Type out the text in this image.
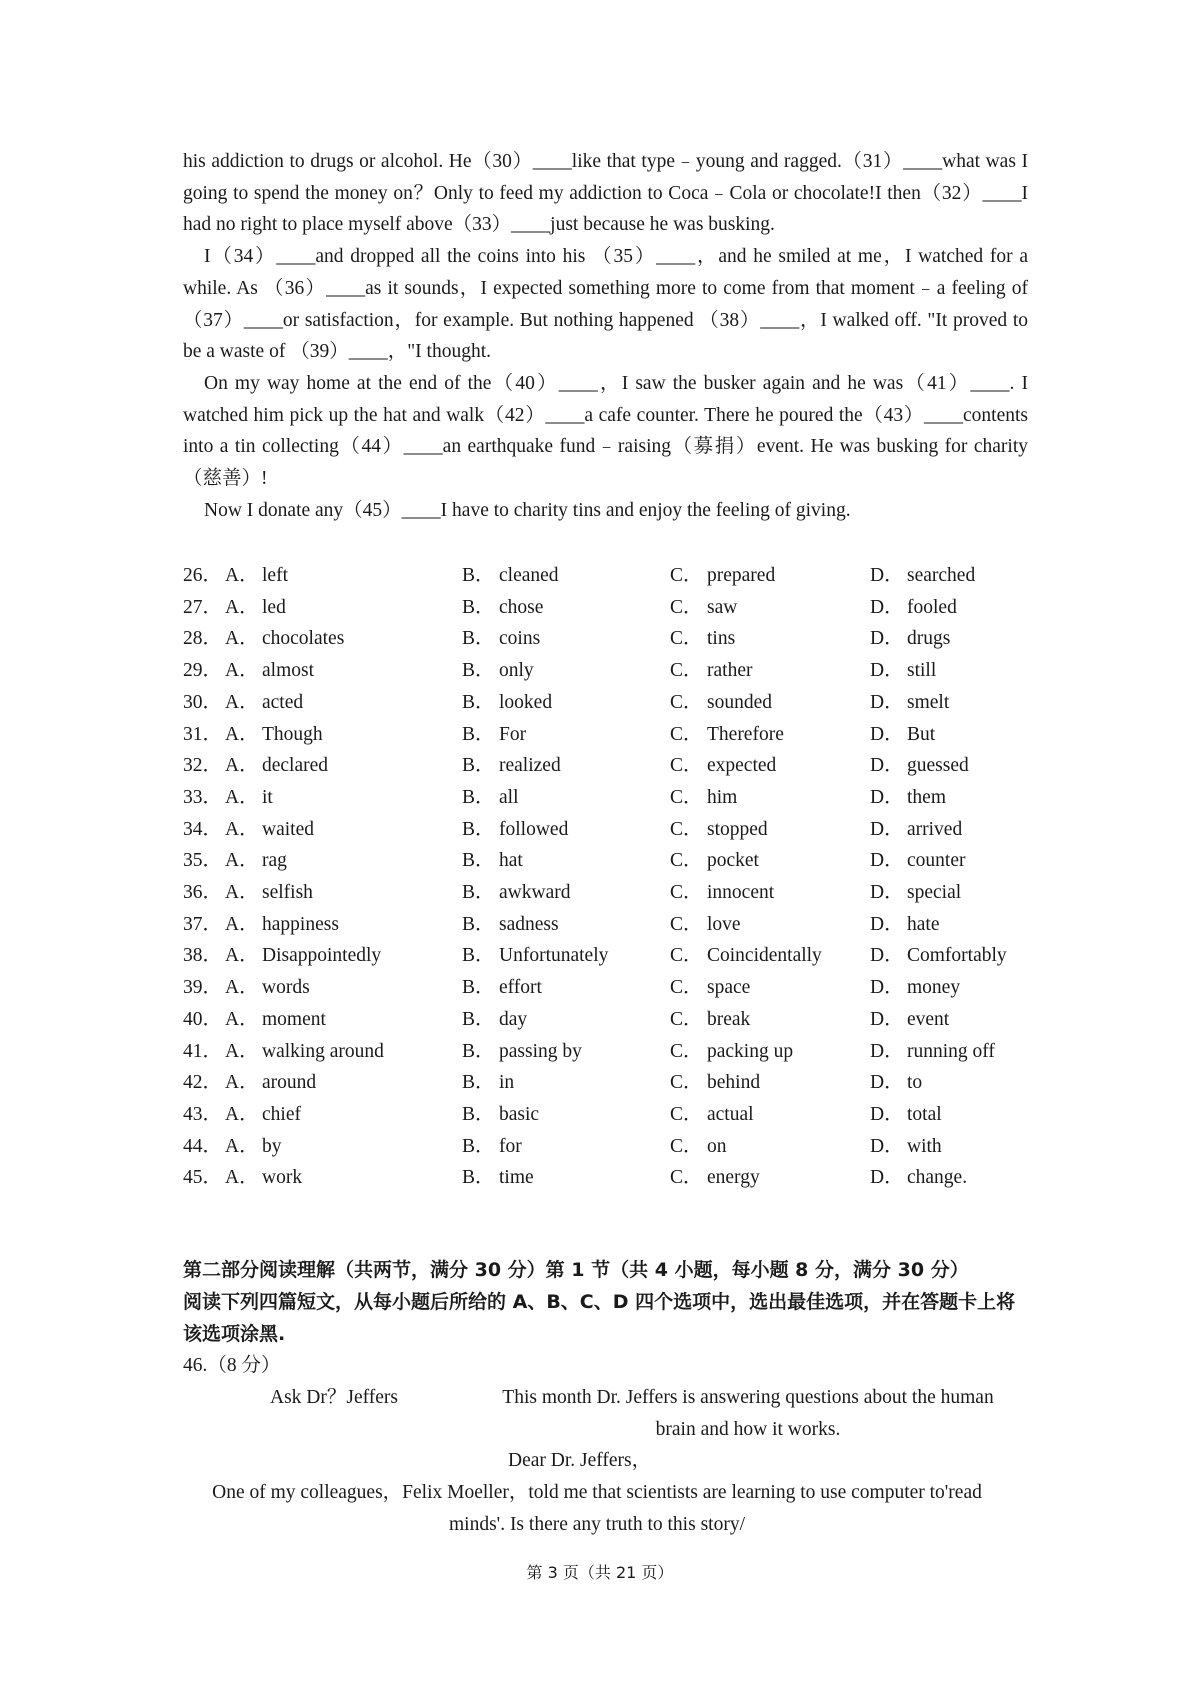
his addiction to drugs or alcohol. He（30）____like that type﹣young and ragged.（31）____what was I going to spend the money on？Only to feed my addiction to Coca﹣Cola or chocolate!I then（32）____I had no right to place myself above（33）____just because he was busking.

I（34）____and dropped all the coins into his （35）____，and he smiled at me，I watched for a while. As （36）____as it sounds，I expected something more to come from that moment﹣a feeling of （37）____or satisfaction，for example. But nothing happened （38）____，I walked off. "It proved to be a waste of （39）____，"I thought.

On my way home at the end of the（40）____，I saw the busker again and he was（41）____. I watched him pick up the hat and walk（42）____a cafe counter. There he poured the（43）____contents into a tin collecting（44）____an earthquake fund﹣raising（募捐）event. He was busking for charity（慈善）!

Now I donate any（45）____I have to charity tins and enjoy the feeling of giving.

26．	A．	left	B．	cleaned	C．	prepared	D．	searched
27．	A．	led	B．	chose	C．	saw	D．	fooled
28．	A．	chocolates	B．	coins	C．	tins	D．	drugs
29．	A．	almost	B．	only	C．	rather	D．	still
30．	A．	acted	B．	looked	C．	sounded	D．	smelt
31．	A．	Though	B．	For	C．	Therefore	D．	But
32．	A．	declared	B．	realized	C．	expected	D．	guessed
33．	A．	it	B．	all	C．	him	D．	them
34．	A．	waited	B．	followed	C．	stopped	D．	arrived
35．	A．	rag	B．	hat	C．	pocket	D．	counter
36．	A．	selfish	B．	awkward	C．	innocent	D．	special
37．	A．	happiness	B．	sadness	C．	love	D．	hate
38．	A．	Disappointedly	B．	Unfortunately	C．	Coincidentally	D．	Comfortably
39．	A．	words	B．	effort	C．	space	D．	money
40．	A．	moment	B．	day	C．	break	D．	event
41．	A．	walking around	B．	passing by	C．	packing up	D．	running off
42．	A．	around	B．	in	C．	behind	D．	to
43．	A．	chief	B．	basic	C．	actual	D．	total
44．	A．	by	B．	for	C．	on	D．	with
45．	A．	work	B．	time	C．	energy	D．	change.
第二部分阅读理解（共两节，满分 30 分）第 1 节（共 4 小题，每小题 8 分，满分 30 分）
阅读下列四篇短文，从每小题后所给的 A、B、C、D 四个选项中，选出最佳选项，并在答题卡上将该选项涂黑.
46.（8 分）
Ask Dr？Jeffers	This month Dr. Jeffers is answering questions about the human brain and how it works.
Dear Dr. Jeffers，
One of my colleagues，Felix Moeller，told me that scientists are learning to use computer to'read minds'. Is there any truth to this story/
第 3 页（共 21 页）
